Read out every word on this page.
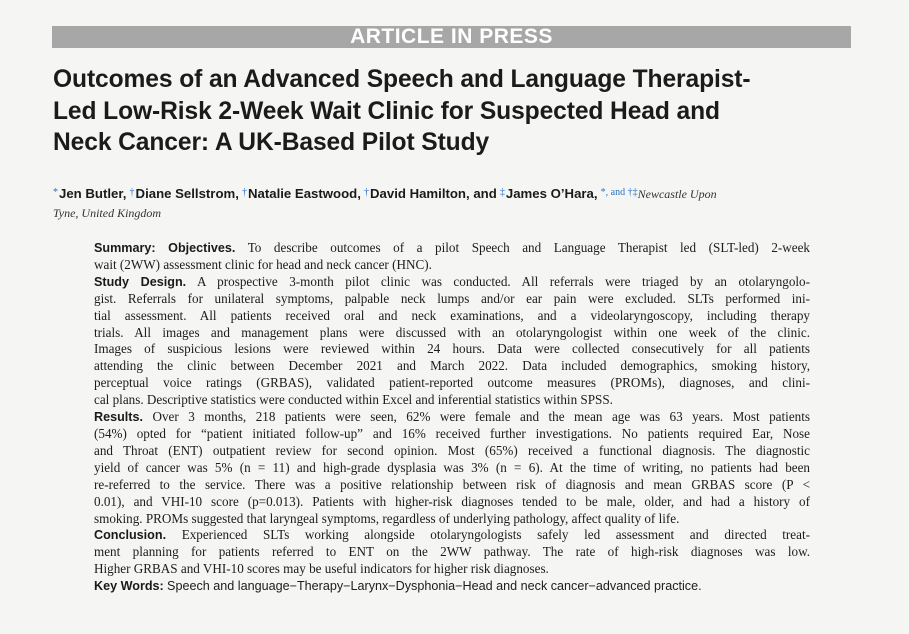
ARTICLE IN PRESS
Outcomes of an Advanced Speech and Language Therapist-
Led Low-Risk 2-Week Wait Clinic for Suspected Head and
Neck Cancer: A UK-Based Pilot Study
*Jen Butler, †Diane Sellstrom, †Natalie Eastwood, †David Hamilton, and ‡James O’Hara, $^{*, and \dagger\ddagger}$Newcastle Upon
Tyne, United Kingdom
Summary: Objectives. To describe outcomes of a pilot Speech and Language Therapist led (SLT-led) 2-week
wait (2WW) assessment clinic for head and neck cancer (HNC).
Study Design. A prospective 3-month pilot clinic was conducted. All referrals were triaged by an otolaryngolo-
gist. Referrals for unilateral symptoms, palpable neck lumps and/or ear pain were excluded. SLTs performed ini-
tial assessment. All patients received oral and neck examinations, and a videolaryngoscopy, including therapy
trials. All images and management plans were discussed with an otolaryngologist within one week of the clinic.
Images of suspicious lesions were reviewed within 24 hours. Data were collected consecutively for all patients
attending the clinic between December 2021 and March 2022. Data included demographics, smoking history,
perceptual voice ratings (GRBAS), validated patient-reported outcome measures (PROMs), diagnoses, and clini-
cal plans. Descriptive statistics were conducted within Excel and inferential statistics within SPSS.
Results. Over 3 months, 218 patients were seen, 62% were female and the mean age was 63 years. Most patients
(54%) opted for “patient initiated follow-up” and 16% received further investigations. No patients required Ear, Nose
and Throat (ENT) outpatient review for second opinion. Most (65%) received a functional diagnosis. The diagnostic
yield of cancer was 5% (n = 11) and high-grade dysplasia was 3% (n = 6). At the time of writing, no patients had been
re-referred to the service. There was a positive relationship between risk of diagnosis and mean GRBAS score (P <
0.01), and VHI-10 score (p=0.013). Patients with higher-risk diagnoses tended to be male, older, and had a history of
smoking. PROMs suggested that laryngeal symptoms, regardless of underlying pathology, affect quality of life.
Conclusion. Experienced SLTs working alongside otolaryngologists safely led assessment and directed treat-
ment planning for patients referred to ENT on the 2WW pathway. The rate of high-risk diagnoses was low.
Higher GRBAS and VHI-10 scores may be useful indicators for higher risk diagnoses.
Key Words: Speech and language−Therapy−Larynx−Dysphonia−Head and neck cancer−advanced practice.
